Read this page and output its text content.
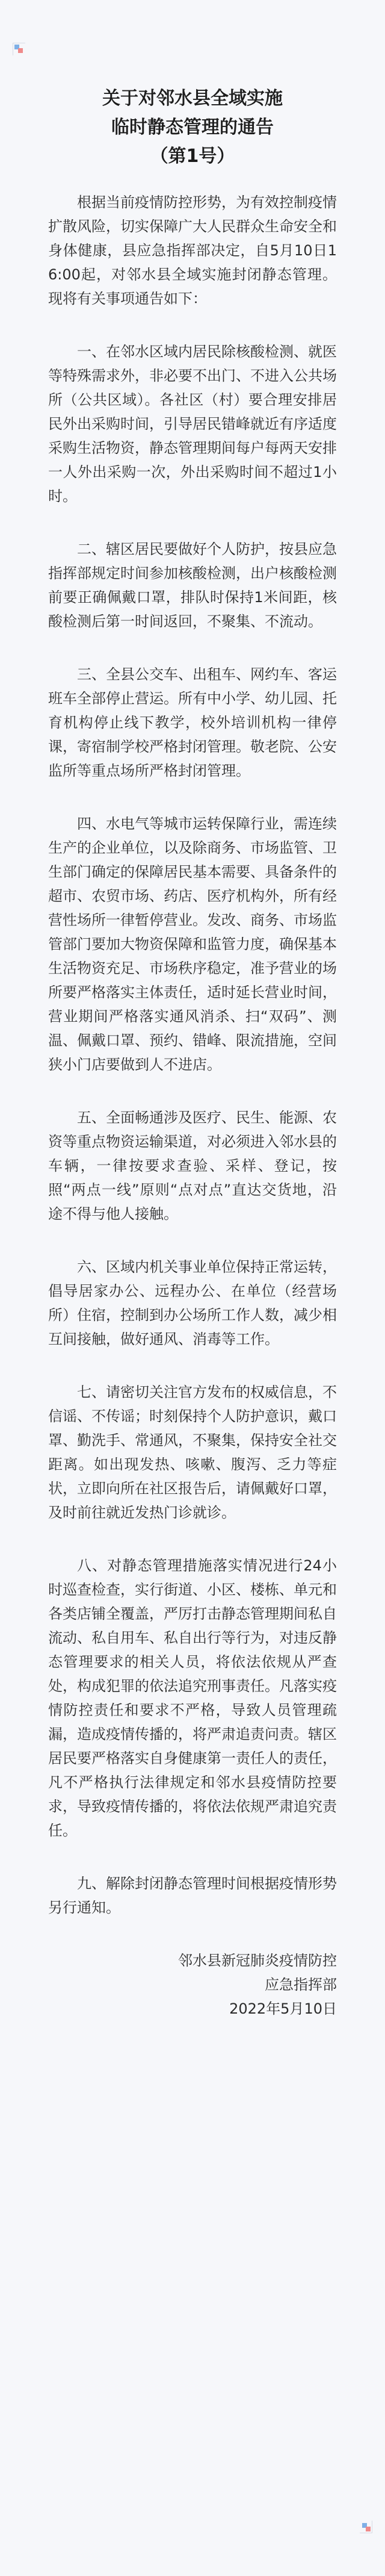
关于对邻水县全域实施
临时静态管理的通告
（第1号）

根据当前疫情防控形势，为有效控制疫情扩散风险，切实保障广大人民群众生命安全和身体健康，县应急指挥部决定，自5月10日16:00起，对邻水县全域实施封闭静态管理。现将有关事项通告如下：

一、在邻水区域内居民除核酸检测、就医等特殊需求外，非必要不出门、不进入公共场所（公共区域）。各社区（村）要合理安排居民外出采购时间，引导居民错峰就近有序适度采购生活物资，静态管理期间每户每两天安排一人外出采购一次，外出采购时间不超过1小时。

二、辖区居民要做好个人防护，按县应急指挥部规定时间参加核酸检测，出户核酸检测前要正确佩戴口罩，排队时保持1米间距，核酸检测后第一时间返回，不聚集、不流动。

三、全县公交车、出租车、网约车、客运班车全部停止营运。所有中小学、幼儿园、托育机构停止线下教学，校外培训机构一律停课，寄宿制学校严格封闭管理。敬老院、公安监所等重点场所严格封闭管理。

四、水电气等城市运转保障行业，需连续生产的企业单位，以及除商务、市场监管、卫生部门确定的保障居民基本需要、具备条件的超市、农贸市场、药店、医疗机构外，所有经营性场所一律暂停营业。发改、商务、市场监管部门要加大物资保障和监管力度，确保基本生活物资充足、市场秩序稳定，准予营业的场所要严格落实主体责任，适时延长营业时间，营业期间严格落实通风消杀、扫“双码”、测温、佩戴口罩、预约、错峰、限流措施，空间狭小门店要做到人不进店。

五、全面畅通涉及医疗、民生、能源、农资等重点物资运输渠道，对必须进入邻水县的车辆，一律按要求查验、采样、登记，按照“两点一线”原则“点对点”直达交货地，沿途不得与他人接触。

六、区域内机关事业单位保持正常运转，倡导居家办公、远程办公、在单位（经营场所）住宿，控制到办公场所工作人数，减少相互间接触，做好通风、消毒等工作。

七、请密切关注官方发布的权威信息，不信谣、不传谣；时刻保持个人防护意识，戴口罩、勤洗手、常通风，不聚集，保持安全社交距离。如出现发热、咳嗽、腹泻、乏力等症状，立即向所在社区报告后，请佩戴好口罩，及时前往就近发热门诊就诊。

八、对静态管理措施落实情况进行24小时巡查检查，实行街道、小区、楼栋、单元和各类店铺全覆盖，严厉打击静态管理期间私自流动、私自用车、私自出行等行为，对违反静态管理要求的相关人员，将依法依规从严查处，构成犯罪的依法追究刑事责任。凡落实疫情防控责任和要求不严格，导致人员管理疏漏，造成疫情传播的，将严肃追责问责。辖区居民要严格落实自身健康第一责任人的责任，凡不严格执行法律规定和邻水县疫情防控要求，导致疫情传播的，将依法依规严肃追究责任。

九、解除封闭静态管理时间根据疫情形势另行通知。

邻水县新冠肺炎疫情防控
应急指挥部
2022年5月10日
